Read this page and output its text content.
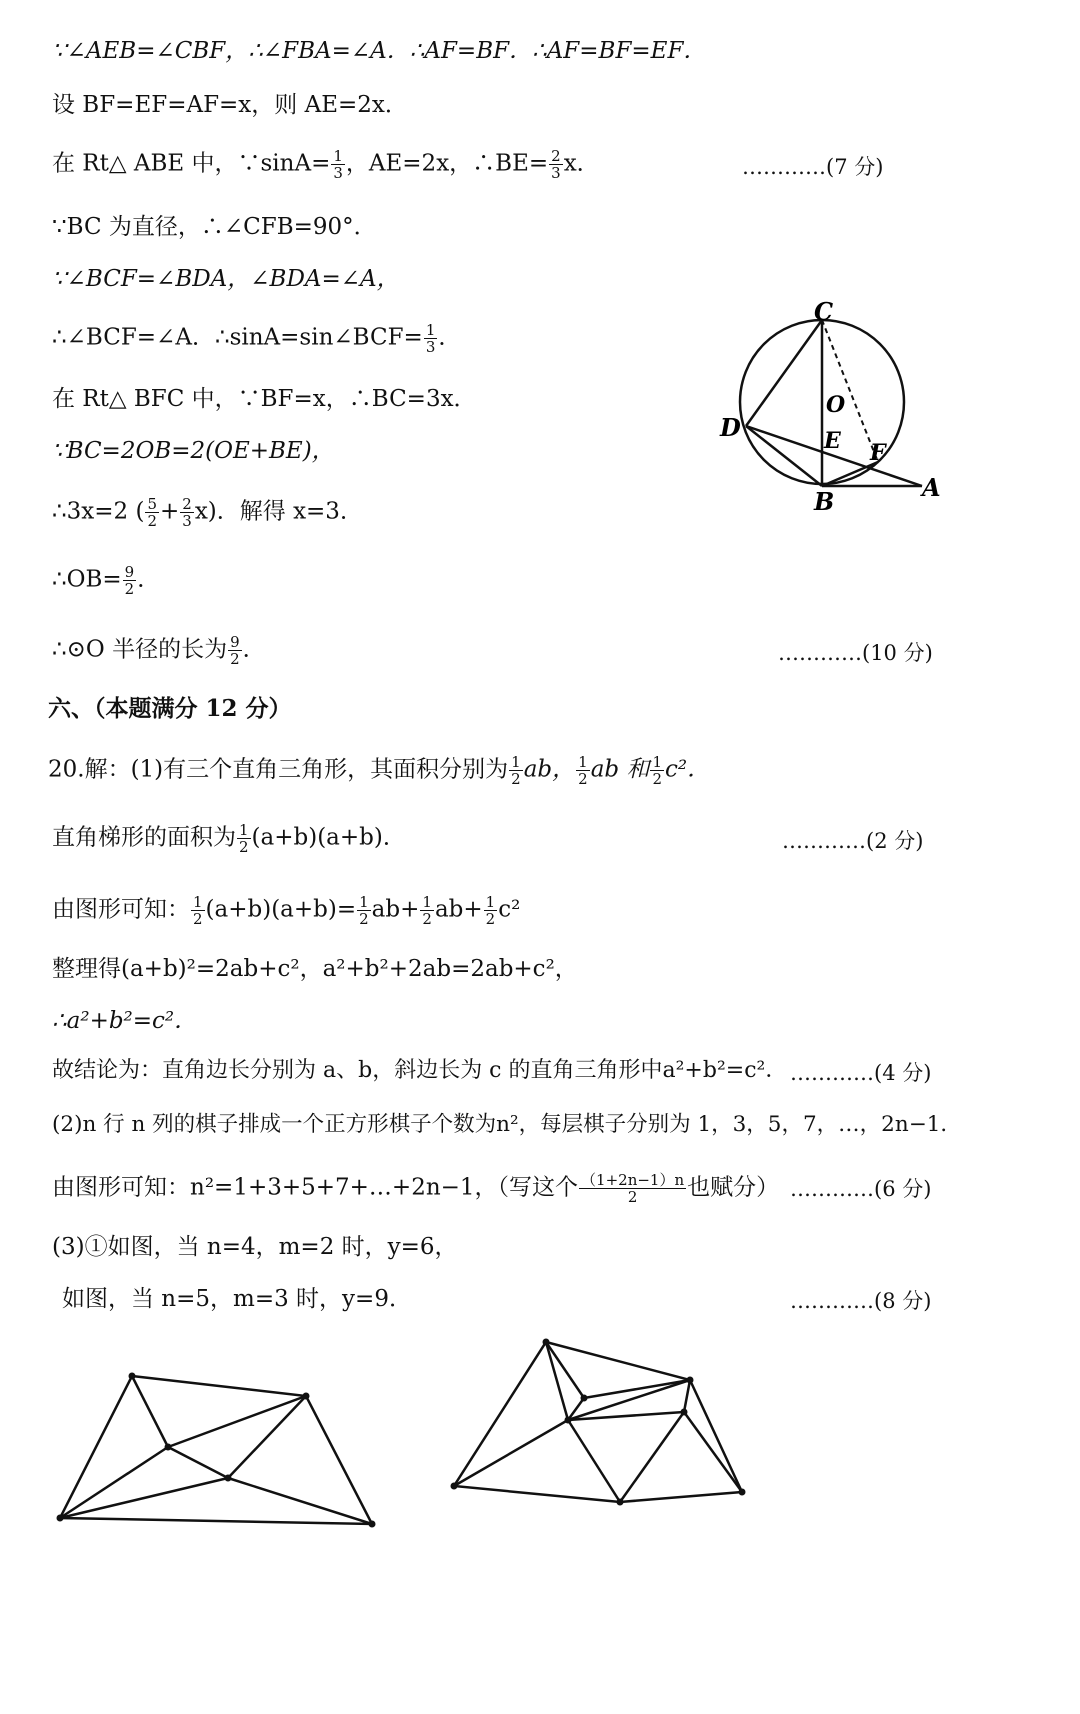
∵∠AEB=∠CBF，∴∠FBA=∠A．∴AF=BF．∴AF=BF=EF．
设 BF=EF=AF=x，则 AE=2x．
在 Rt△ ABE 中，∵sinA= $\frac{1}{3}$ ，AE=2x，∴BE= $\frac{2}{3}$ x．	…………(7 分)
∵BC 为直径，∴∠CFB=90°．
∵∠BCF=∠BDA，∠BDA=∠A，
∴∠BCF=∠A．∴sinA=sin∠BCF= $\frac{1}{3}$ ．
在 Rt△ BFC 中，∵BF=x，∴BC=3x．
∵BC=2OB=2(OE+BE)，
∴3x=2 ( $\frac{5}{2} + \frac{2}{3} x$)．解得 x=3．
∴OB= $\frac{9}{2}$ ．
∴⊙O 半径的长为 $\frac{9}{2}$ ．	…………(10 分)
C
O
D	E F
B	A
六、（本题满分 12 分）
20.解：(1)有三个直角三角形，其面积分别为 $\frac{1}{2}$ ab， $\frac{1}{2}$ ab 和 $\frac{1}{2} c^2$．
直角梯形的面积为 $\frac{1}{2} (a+b)(a+b)$．	…………(2 分)
由图形可知： $\frac{1}{2} (a+b)(a+b)= \frac{1}{2} ab+ \frac{1}{2} ab+ \frac{1}{2} c^2$
整理得(a+b)²=2ab+c²，a²+b²+2ab=2ab+c²，
∴a²+b²=c²．
故结论为：直角边长分别为 a、b，斜边长为 c 的直角三角形中a²+b²=c²． …………(4 分)
(2)n 行 n 列的棋子排成一个正方形棋子个数为n²，每层棋子分别为 1，3，5，7，…，2n−1．
由图形可知：n²=1+3+5+7+…+2n−1，（写这个 $\frac{(1+2n-1)n}{2}$ 也赋分） …………(6 分)
(3)①如图，当 n=4，m=2 时，y=6，
如图，当 n=5，m=3 时，y=9．	…………(8 分)
